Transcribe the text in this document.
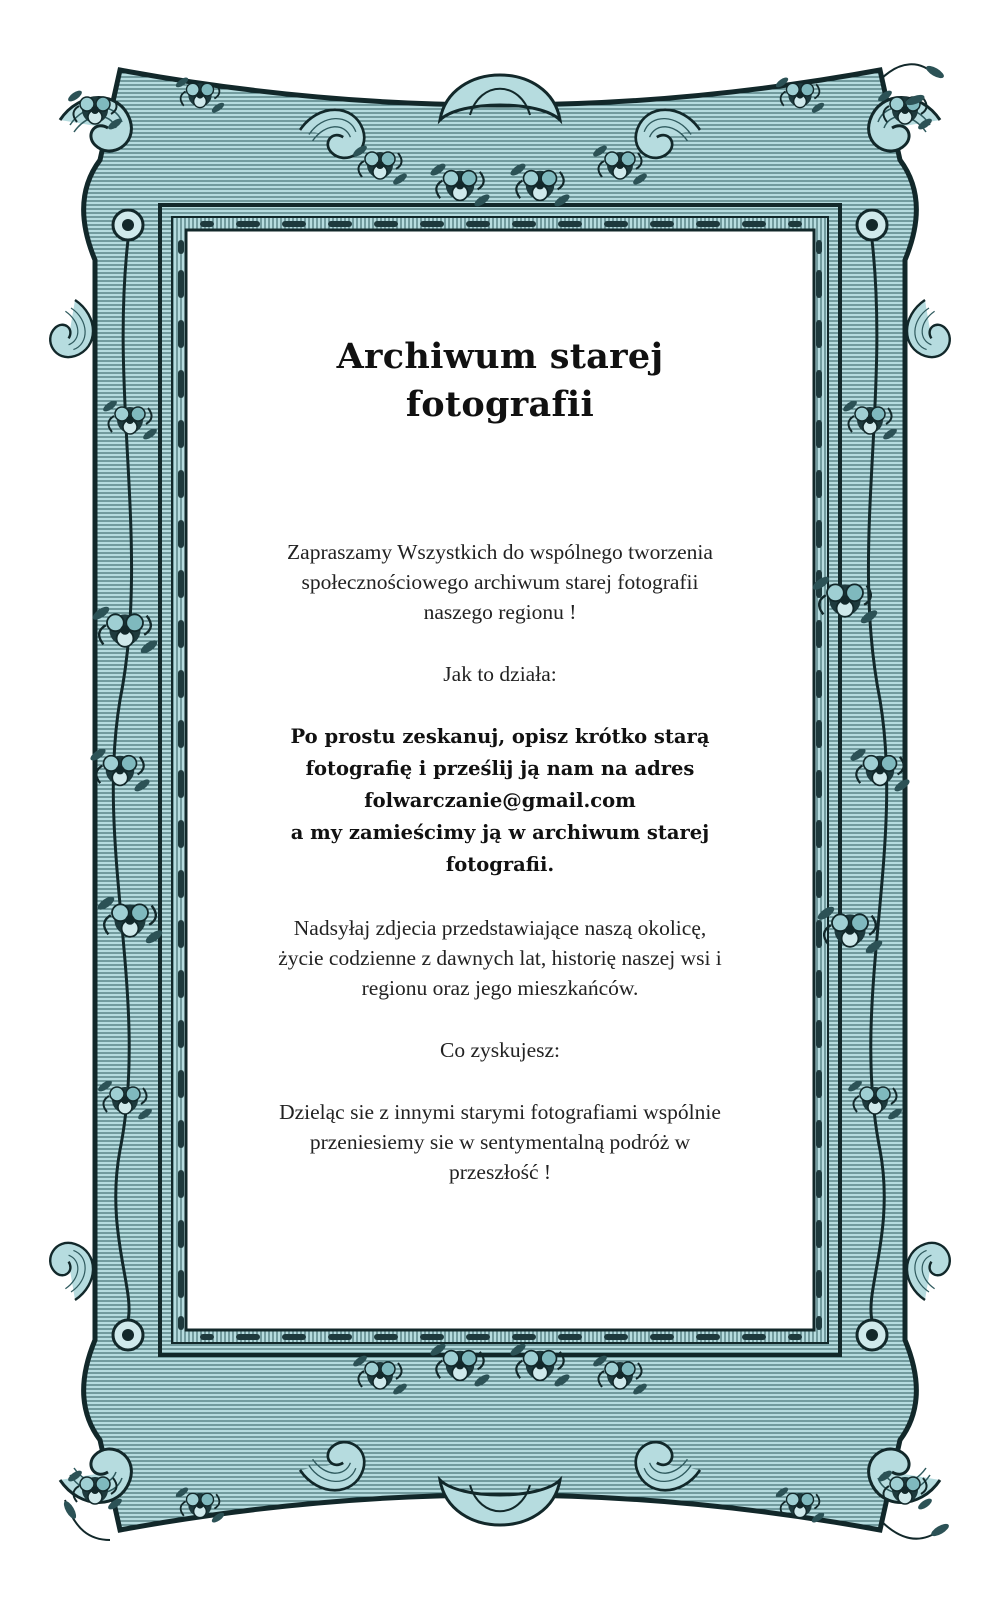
Archiwum starej
fotografii

Zapraszamy Wszystkich do wspólnego tworzenia
społecznościowego archiwum starej fotografii
naszego regionu !

Jak to działa:

Po prostu zeskanuj, opisz krótko starą
fotografię i prześlij ją nam na adres
folwarczanie@gmail.com
a my zamieścimy ją w archiwum starej
fotografii.

Nadsyłaj zdjecia przedstawiające naszą okolicę,
życie codzienne z dawnych lat, historię naszej wsi i
regionu oraz jego mieszkańców.

Co zyskujesz:

Dzieląc sie z innymi starymi fotografiami wspólnie
przeniesiemy sie w sentymentalną podróż w
przeszłość !
